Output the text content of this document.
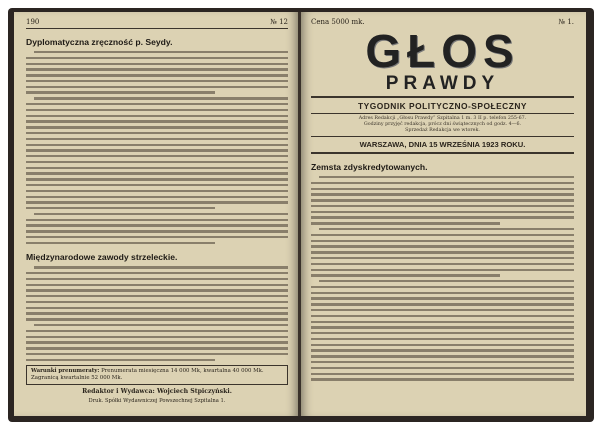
190	№ 12
Dyplomatyczna zręczność p. Seydy.
Międzynarodowe zawody strzeleckie.
Warunki prenumeraty: Prenumerata miesięczna 14 000 Mk, kwartalna 40 000 Mk. Zagranicą kwartalnie 52 000 Mk.
Redaktor i Wydawca: Wojciech Stpiczyński.
Druk. Spółki Wydawniczej Powszechnej Szpitalna 1.
Cena 5000 mk.	№ 1.
GŁOS
PRAWDY
TYGODNIK POLITYCZNO-SPOŁECZNY
Adres Redakcji „Głosu Prawdy” Szpitalna 1 m. 3 II p. telefon 255-67.
Godziny przyjęć redakcja, prócz dni świątecznych od godz. 4—6.
Sprzedaż Redakcja we wtorek.
WARSZAWA, DNIA 15 WRZEŚNIA 1923 ROKU.
Zemsta zdyskredytowanych.
